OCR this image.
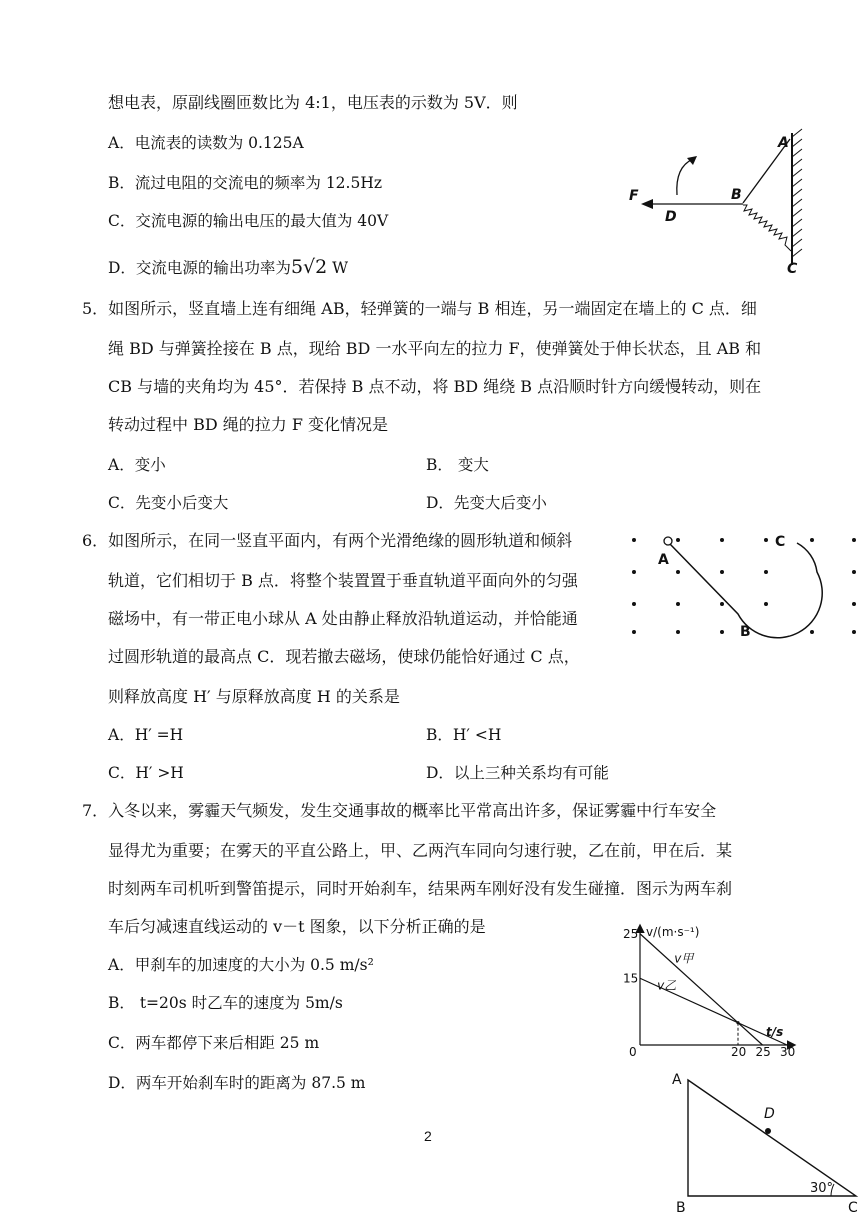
想电表，原副线圈匝数比为 4:1，电压表的示数为 5V．则
A．电流表的读数为 0.125A
B．流过电阻的交流电的频率为 12.5Hz
C．交流电源的输出电压的最大值为 40V
D．交流电源的输出功率为5√2 W
F
D
B
A
C
5．如图所示，竖直墙上连有细绳 AB，轻弹簧的一端与 B 相连，另一端固定在墙上的 C 点．细
绳 BD 与弹簧拴接在 B 点，现给 BD 一水平向左的拉力 F，使弹簧处于伸长状态，且 AB 和
CB 与墙的夹角均为 45°．若保持 B 点不动，将 BD 绳绕 B 点沿顺时针方向缓慢转动，则在
转动过程中 BD 绳的拉力 F 变化情况是
A．变小	B． 变大
C．先变小后变大	D．先变大后变小
A
B
C
6．如图所示，在同一竖直平面内，有两个光滑绝缘的圆形轨道和倾斜
轨道，它们相切于 B 点．将整个装置置于垂直轨道平面向外的匀强
磁场中，有一带正电小球从 A 处由静止释放沿轨道运动，并恰能通
过圆形轨道的最高点 C．现若撤去磁场，使球仍能恰好通过 C 点，
则释放高度 H′ 与原释放高度 H 的关系是
A．H′ =H	B．H′ <H
C．H′ >H	D．以上三种关系均有可能
7．入冬以来，雾霾天气频发，发生交通事故的概率比平常高出许多，保证雾霾中行车安全
显得尤为重要；在雾天的平直公路上，甲、乙两汽车同向匀速行驶，乙在前，甲在后．某
时刻两车司机听到警笛提示，同时开始刹车，结果两车刚好没有发生碰撞．图示为两车刹
车后匀减速直线运动的 v－t 图象，以下分析正确的是
A．甲刹车的加速度的大小为 0.5 m/s²
B． t=20s 时乙车的速度为 5m/s
C．两车都停下来后相距 25 m
D．两车开始刹车时的距离为 87.5 m
v甲
v乙
25
15
0	20 25 30
v/(m·s⁻¹)
t/s
A
B	C
D
30°
2
